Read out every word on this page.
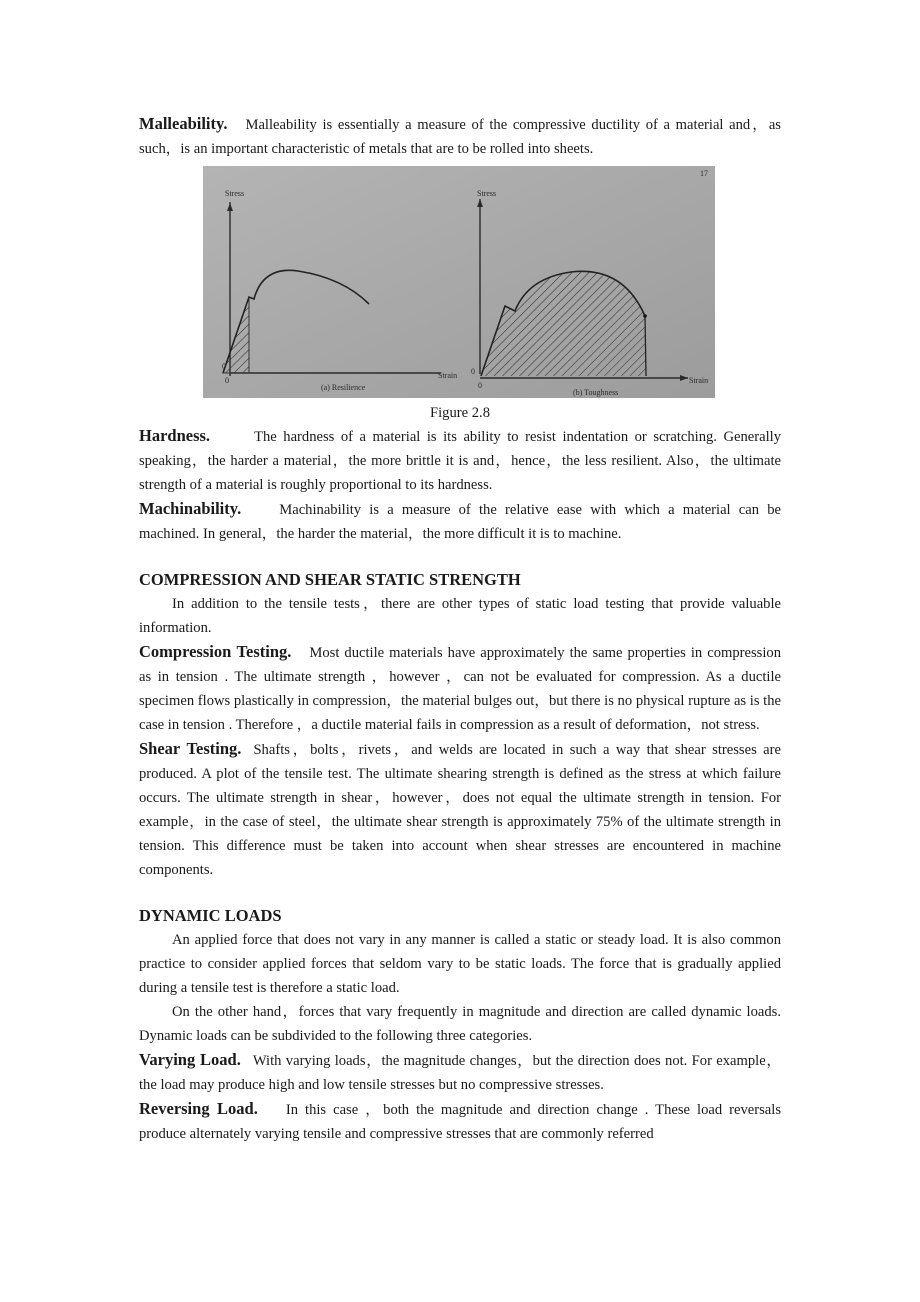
Malleability. Malleability is essentially a measure of the compressive ductility of a material and，as such，is an important characteristic of metals that are to be rolled into sheets.

Stress
Strain
0
0
(a) Resilience
Stress
Strain
0
0
(b) Toughness
17
Figure 2.8

Hardness.	The hardness of a material is its ability to resist indentation or scratching. Generally speaking，the harder a material，the more brittle it is and，hence，the less resilient. Also，the ultimate strength of a material is roughly proportional to its hardness.

Machinability.	Machinability is a measure of the relative ease with which a material can be machined. In general，the harder the material，the more difficult it is to machine.

COMPRESSION AND SHEAR STATIC STRENGTH

In addition to the tensile tests，there are other types of static load testing that provide valuable information.

Compression Testing. Most ductile materials have approximately the same properties in compression as in tension . The ultimate strength ，however ，can not be evaluated for compression. As a ductile specimen flows plastically in compression，the material bulges out，but there is no physical rupture as is the case in tension . Therefore ，a ductile material fails in compression as a result of deformation，not stress.

Shear Testing. Shafts，bolts，rivets，and welds are located in such a way that shear stresses are produced. A plot of the tensile test. The ultimate shearing strength is defined as the stress at which failure occurs. The ultimate strength in shear，however，does not equal the ultimate strength in tension. For example，in the case of steel，the ultimate shear strength is approximately 75% of the ultimate strength in tension. This difference must be taken into account when shear stresses are encountered in machine components.

DYNAMIC LOADS

An applied force that does not vary in any manner is called a static or steady load. It is also common practice to consider applied forces that seldom vary to be static loads. The force that is gradually applied during a tensile test is therefore a static load.

On the other hand，forces that vary frequently in magnitude and direction are called dynamic loads. Dynamic loads can be subdivided to the following three categories.

Varying Load. With varying loads，the magnitude changes，but the direction does not. For example，the load may produce high and low tensile stresses but no compressive stresses.

Reversing Load. In this case ，both the magnitude and direction change . These load reversals produce alternately varying tensile and compressive stresses that are commonly referred
